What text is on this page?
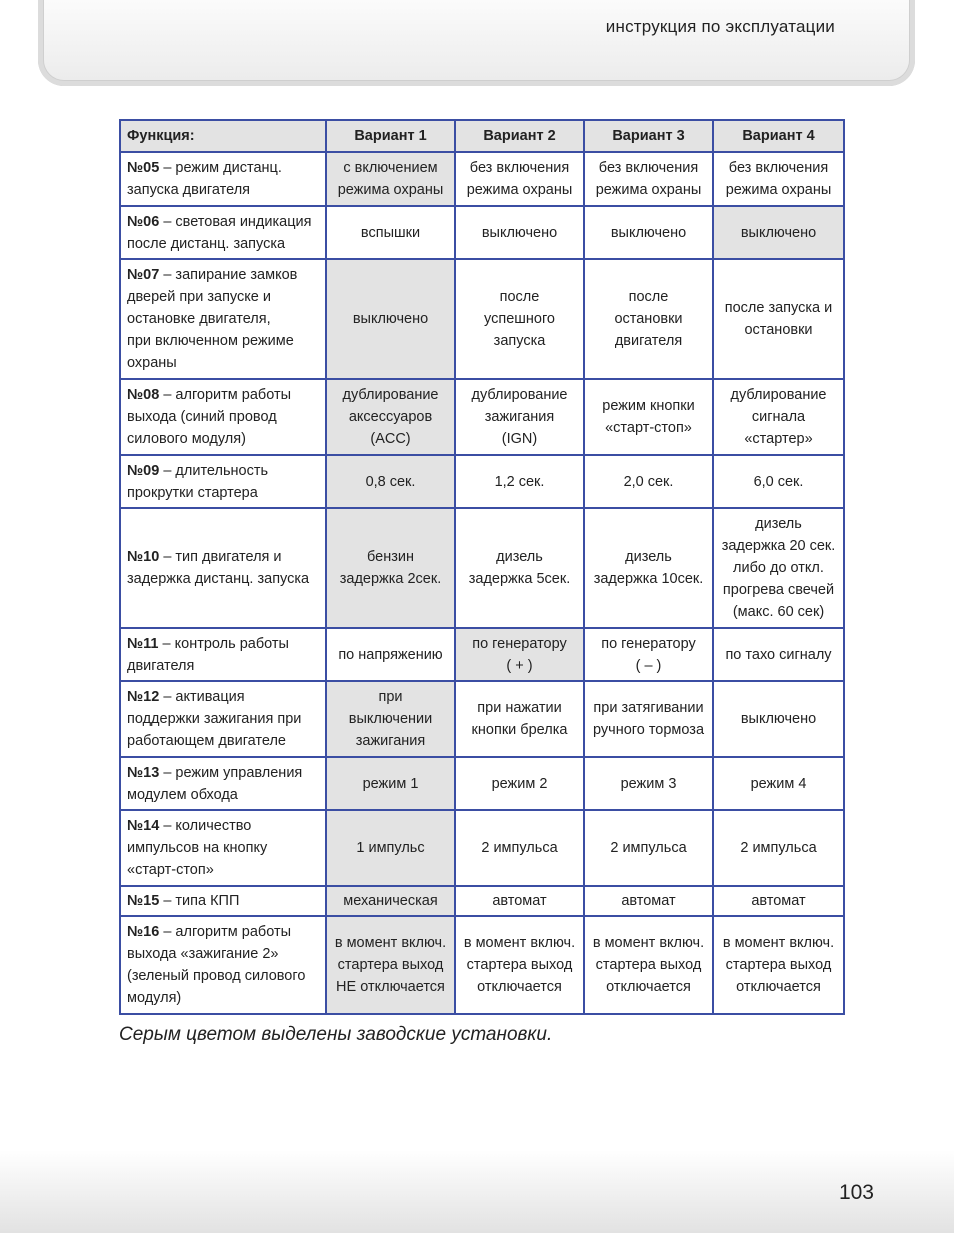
инструкция по эксплуатации
Функция:	Вариант 1	Вариант 2	Вариант 3	Вариант 4
№05 – режим дистанц.
запуска двигателя	с включением
режима охраны	без включения
режима охраны	без включения
режима охраны	без включения
режима охраны
№06 – световая индикация
после дистанц. запуска	вспышки	выключено	выключено	выключено
№07 – запирание замков
дверей при запуске и
остановке двигателя,
при включенном режиме
охраны	выключено	после
успешного
запуска	после
остановки
двигателя	после запуска и
остановки
№08 – алгоритм работы
выхода (синий провод
силового модуля)	дублирование
аксессуаров
(ACC)	дублирование
зажигания
(IGN)	режим кнопки
«старт-стоп»	дублирование
сигнала
«стартер»
№09 – длительность
прокрутки стартера	0,8 сек.	1,2 сек.	2,0 сек.	6,0 сек.
№10 – тип двигателя и
задержка дистанц. запуска	бензин
задержка 2сек.	дизель
задержка 5сек.	дизель
задержка 10сек.	дизель
задержка 20 сек.
либо до откл.
прогрева свечей
(макс. 60 сек)
№11 – контроль работы
двигателя	по напряжению	по генератору
( + )	по генератору
( – )	по тахо сигналу
№12 – активация
поддержки зажигания при
работающем двигателе	при
выключении
зажигания	при нажатии
кнопки брелка	при затягивании
ручного тормоза	выключено
№13 – режим управления
модулем обхода	режим 1	режим 2	режим 3	режим 4
№14 – количество
импульсов на кнопку
«старт-стоп»	1 импульс	2 импульса	2 импульса	2 импульса
№15 – типа КПП	механическая	автомат	автомат	автомат
№16 – алгоритм работы
выхода «зажигание 2»
(зеленый провод силового
модуля)	в момент включ.
стартера выход
НЕ отключается	в момент включ.
стартера выход
отключается	в момент включ.
стартера выход
отключается	в момент включ.
стартера выход
отключается
Серым цветом выделены заводские установки.
103
